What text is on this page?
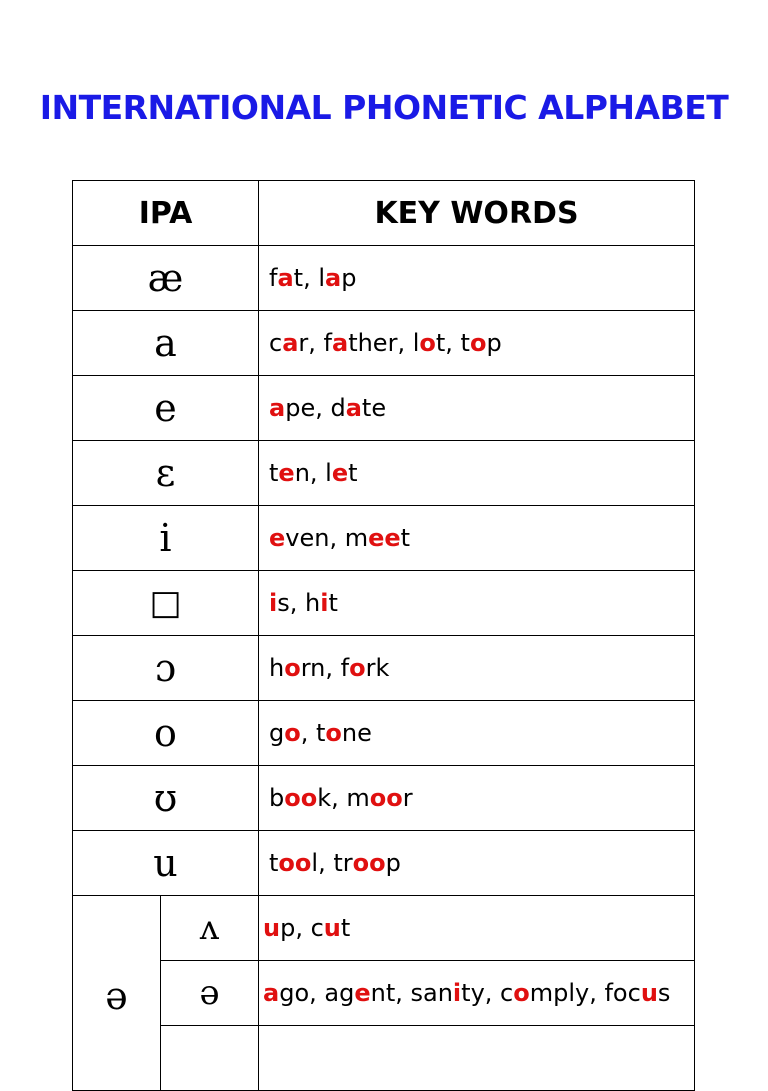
INTERNATIONAL PHONETIC ALPHABET
IPA		KEY WORDS
æ		fat, lap
a		car, father, lot, top
e		ape, date
ɛ		ten, let
i		even, meet
□		is, hit
ɔ		horn, fork
o		go, tone
ʊ		book, moor
u		tool, troop
ə	ʌ	up, cut
	ə	ago, agent, sanity, comply, focus
